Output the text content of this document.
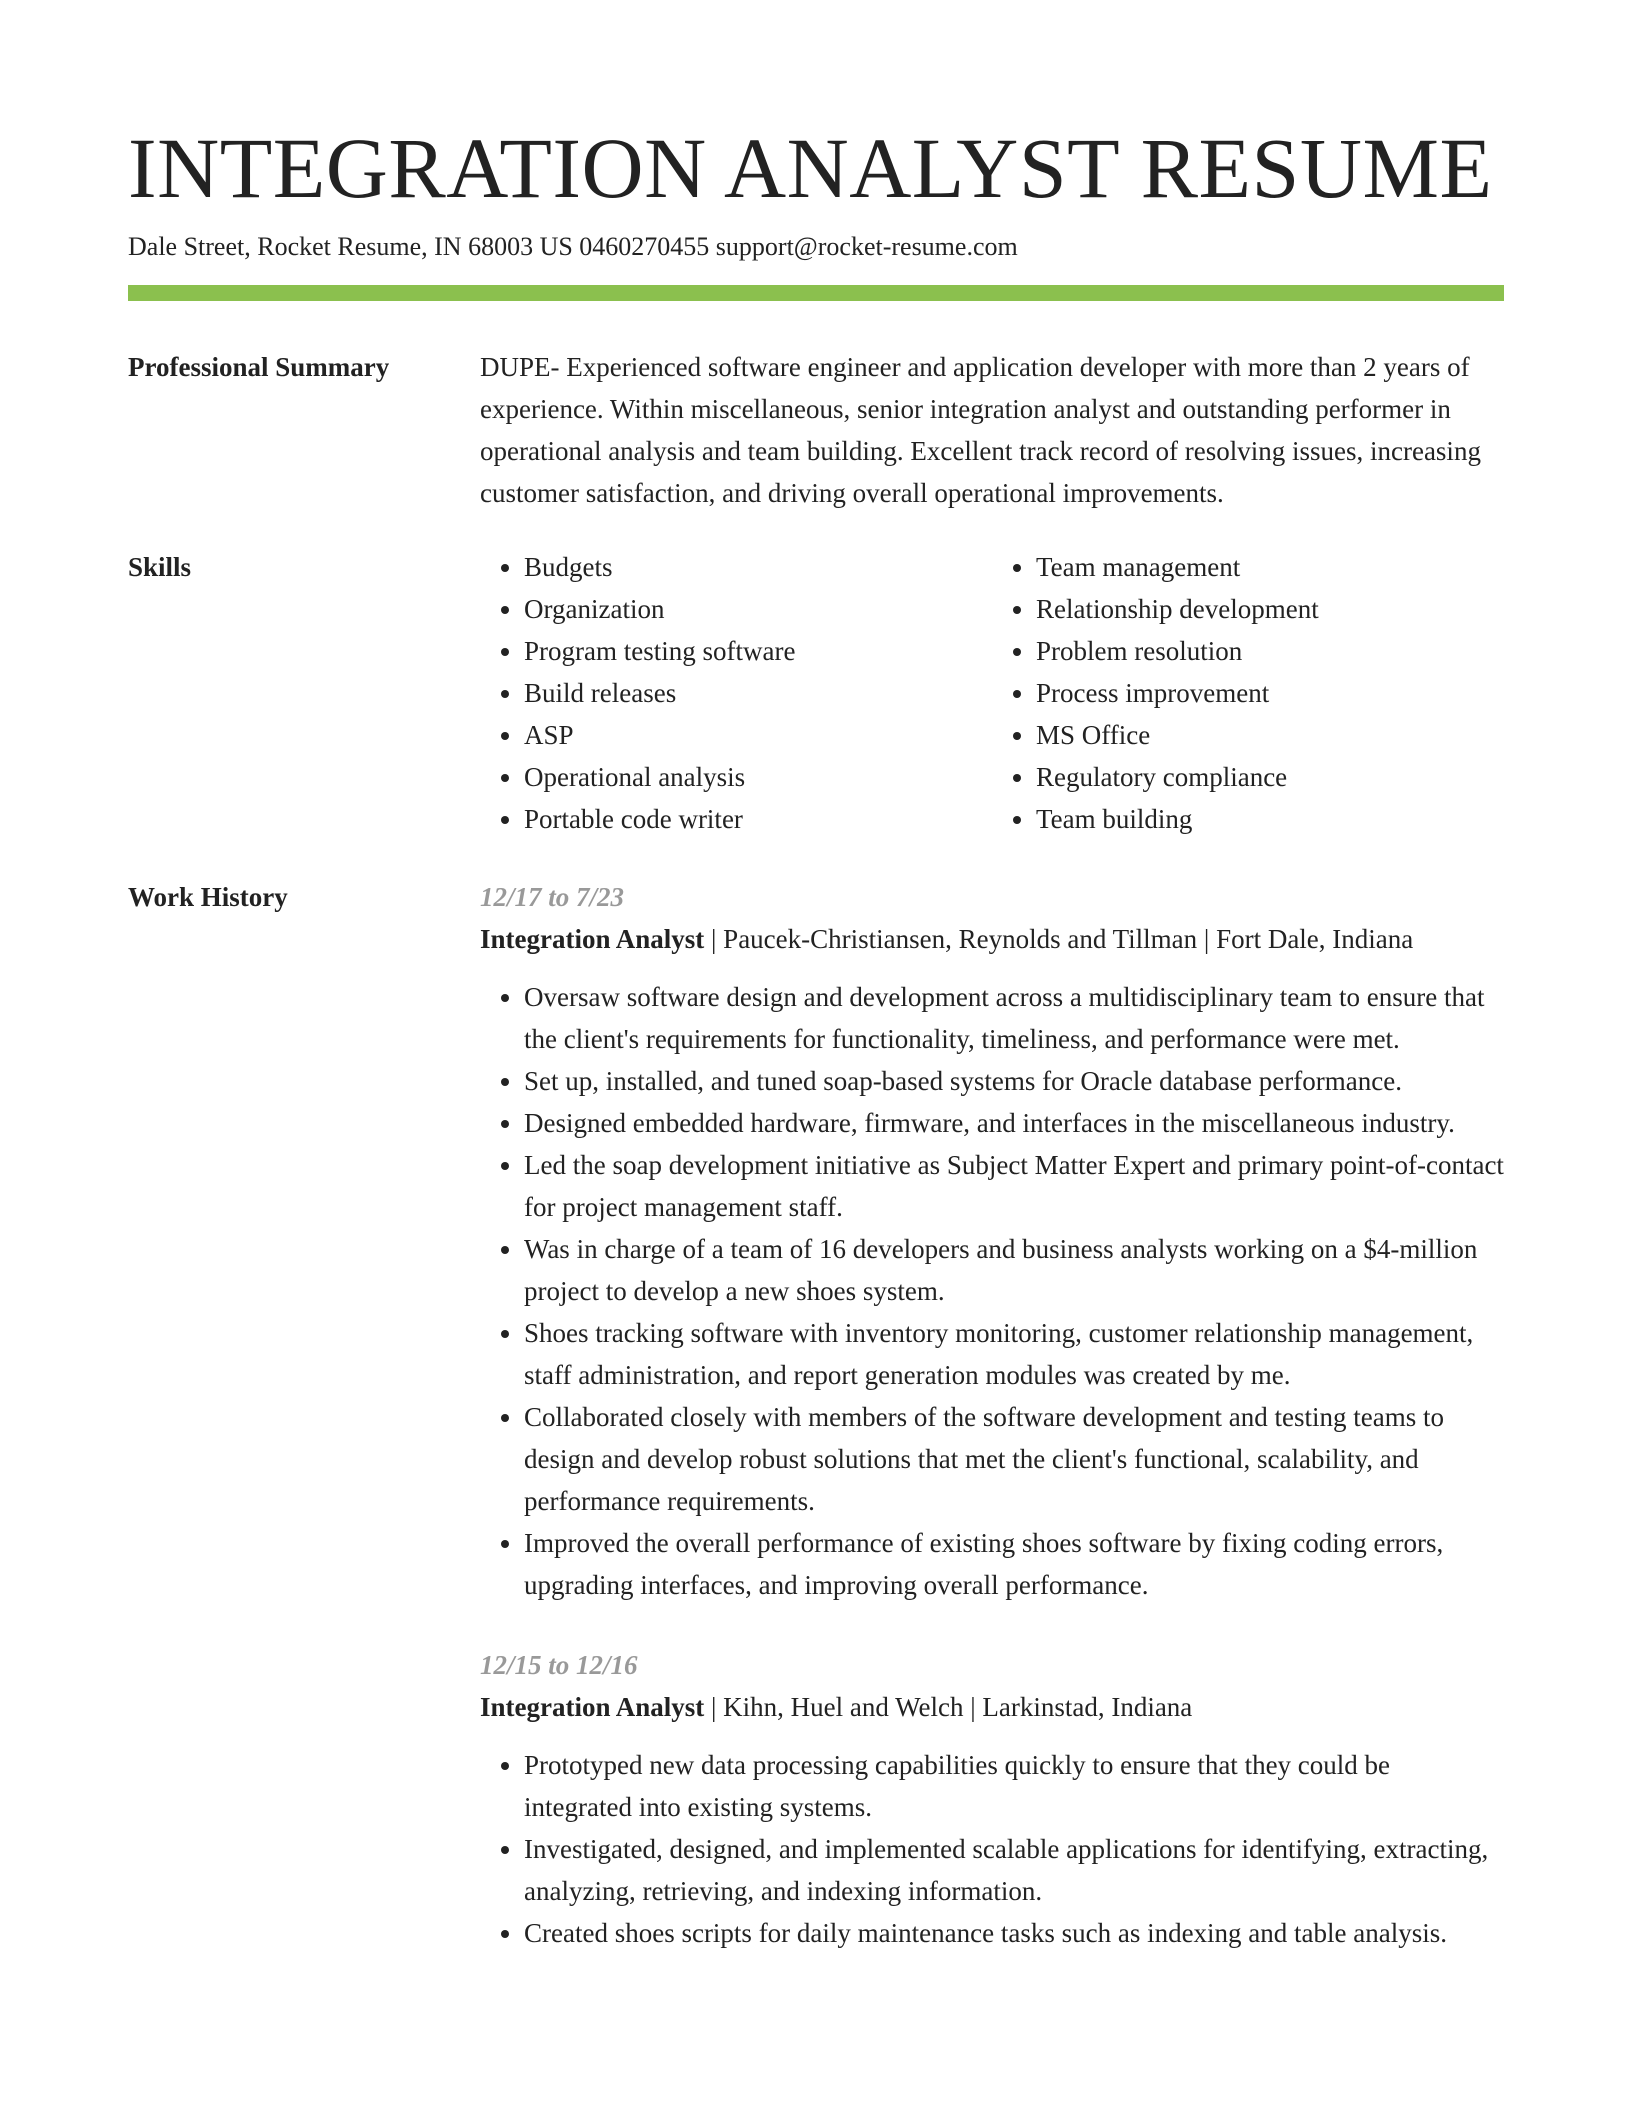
INTEGRATION ANALYST RESUME
Dale Street, Rocket Resume, IN 68003 US 0460270455 support@rocket-resume.com
Professional Summary	DUPE- Experienced software engineer and application developer with more than 2 years of experience. Within miscellaneous, senior integration analyst and outstanding performer in operational analysis and team building. Excellent track record of resolving issues, increasing customer satisfaction, and driving overall operational improvements.

Skills
•	Budgets
• Organization
• Program testing software
• Build releases
• ASP
• Operational analysis
• Portable code writer
• Team management
• Relationship development
• Problem resolution
• Process improvement
• MS Office
• Regulatory compliance
• Team building
Work History	12/17 to 7/23
Integration Analyst | Paucek-Christiansen, Reynolds and Tillman | Fort Dale, Indiana
• Oversaw software design and development across a multidisciplinary team to ensure that the client's requirements for functionality, timeliness, and performance were met.
• Set up, installed, and tuned soap-based systems for Oracle database performance.
• Designed embedded hardware, firmware, and interfaces in the miscellaneous industry.
• Led the soap development initiative as Subject Matter Expert and primary point-of-contact for project management staff.
• Was in charge of a team of 16 developers and business analysts working on a $4-million project to develop a new shoes system.
• Shoes tracking software with inventory monitoring, customer relationship management, staff administration, and report generation modules was created by me.
• Collaborated closely with members of the software development and testing teams to design and develop robust solutions that met the client's functional, scalability, and performance requirements.
• Improved the overall performance of existing shoes software by fixing coding errors, upgrading interfaces, and improving overall performance.
12/15 to 12/16
Integration Analyst | Kihn, Huel and Welch | Larkinstad, Indiana
• Prototyped new data processing capabilities quickly to ensure that they could be integrated into existing systems.
• Investigated, designed, and implemented scalable applications for identifying, extracting, analyzing, retrieving, and indexing information.
• Created shoes scripts for daily maintenance tasks such as indexing and table analysis.
